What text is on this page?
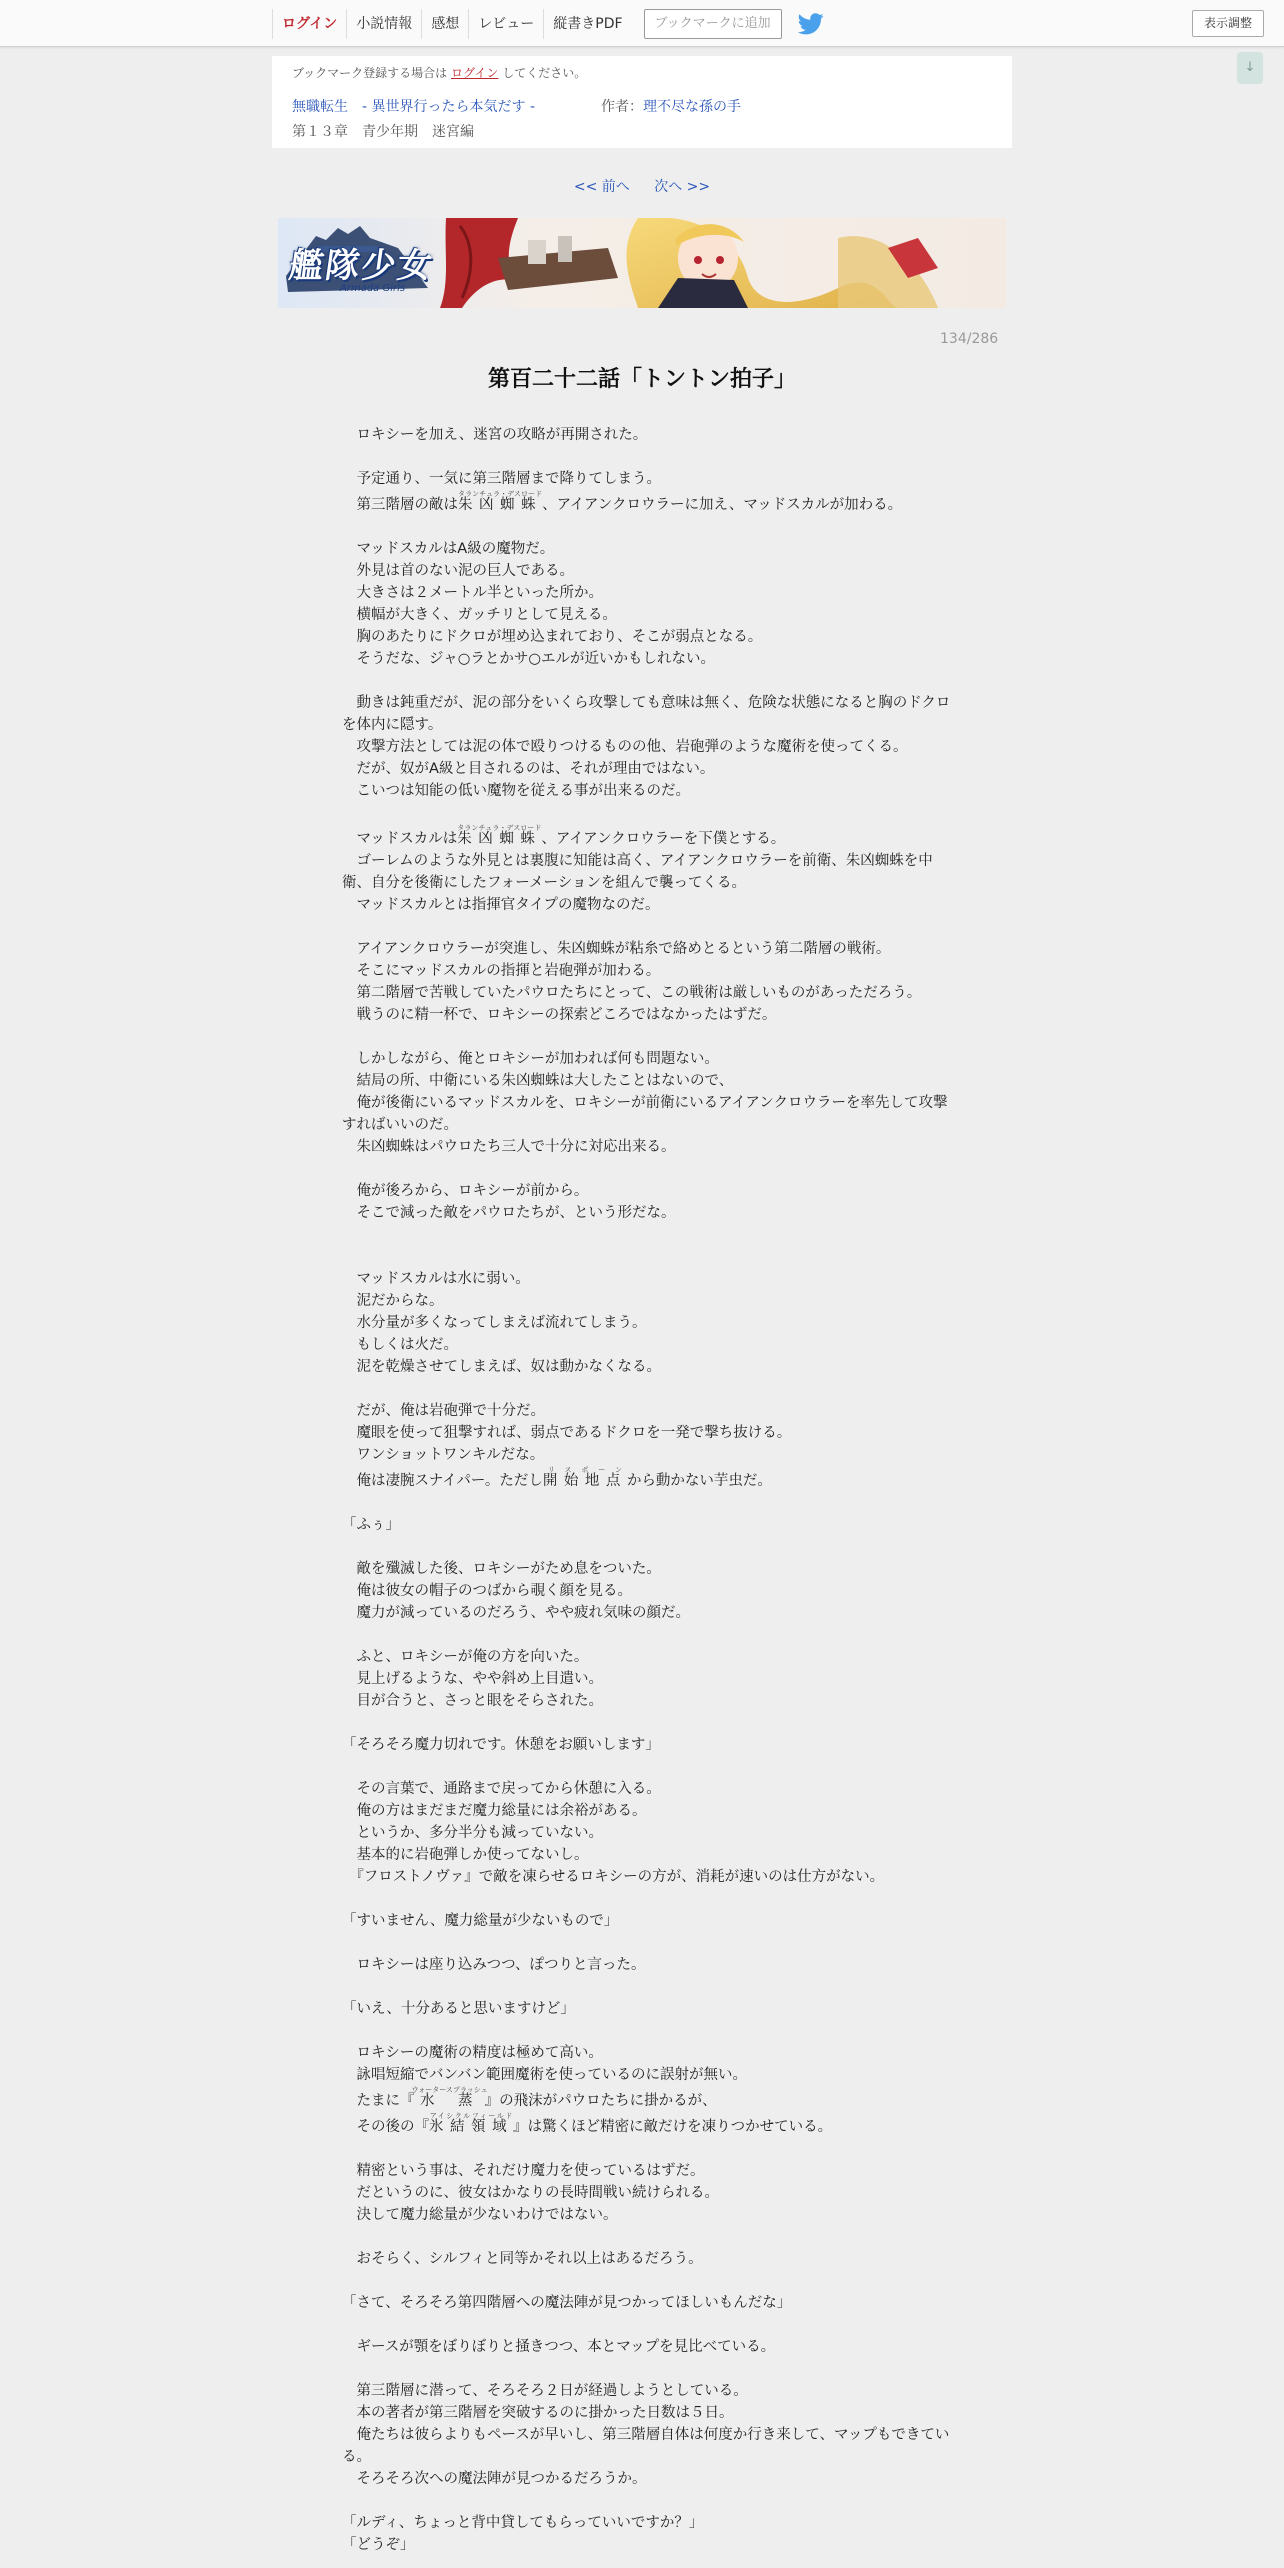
ログイン	小説情報	感想	レビュー	縦書きPDF	ブックマークに追加	表示調整
↓
ブックマーク登録する場合は ログイン してください。
無職転生　- 異世界行ったら本気だす -	作者：理不尽な孫の手
第１３章　青少年期　迷宮編
<< 前へ 次へ >>
艦隊少女
Armada Girls
134/286
第百二十二話「トントン拍子」
　ロキシーを加え、迷宮の攻略が再開された。
　予定通り、一気に第三階層まで降りてしまう。
　第三階層の敵は朱凶蜘蛛タランチュラ・デスロード、アイアンクロウラーに加え、マッドスカルが加わる。
　マッドスカルはA級の魔物だ。
　外見は首のない泥の巨人である。
　大きさは２メートル半といった所か。
　横幅が大きく、ガッチリとして見える。
　胸のあたりにドクロが埋め込まれており、そこが弱点となる。
　そうだな、ジャ○ラとかサ○エルが近いかもしれない。
　動きは鈍重だが、泥の部分をいくら攻撃しても意味は無く、危険な状態になると胸のドクロを体内に隠す。
　攻撃方法としては泥の体で殴りつけるものの他、岩砲弾のような魔術を使ってくる。
　だが、奴がA級と目されるのは、それが理由ではない。
　こいつは知能の低い魔物を従える事が出来るのだ。
　マッドスカルは朱凶蜘蛛タランチュラ・デスロード、アイアンクロウラーを下僕とする。
　ゴーレムのような外見とは裏腹に知能は高く、アイアンクロウラーを前衛、朱凶蜘蛛を中衛、自分を後衛にしたフォーメーションを組んで襲ってくる。
　マッドスカルとは指揮官タイプの魔物なのだ。
　アイアンクロウラーが突進し、朱凶蜘蛛が粘糸で絡めとるという第二階層の戦術。
　そこにマッドスカルの指揮と岩砲弾が加わる。
　第二階層で苦戦していたパウロたちにとって、この戦術は厳しいものがあっただろう。
　戦うのに精一杯で、ロキシーの探索どころではなかったはずだ。
　しかしながら、俺とロキシーが加われば何も問題ない。
　結局の所、中衛にいる朱凶蜘蛛は大したことはないので、
　俺が後衛にいるマッドスカルを、ロキシーが前衛にいるアイアンクロウラーを率先して攻撃すればいいのだ。
　朱凶蜘蛛はパウロたち三人で十分に対応出来る。
　俺が後ろから、ロキシーが前から。
　そこで減った敵をパウロたちが、という形だな。
　マッドスカルは水に弱い。
　泥だからな。
　水分量が多くなってしまえば流れてしまう。
　もしくは火だ。
　泥を乾燥させてしまえば、奴は動かなくなる。
　だが、俺は岩砲弾で十分だ。
　魔眼を使って狙撃すれば、弱点であるドクロを一発で撃ち抜ける。
　ワンショットワンキルだな。
　俺は凄腕スナイパー。ただし開始地点リスポーンから動かない芋虫だ。
「ふぅ」
　敵を殲滅した後、ロキシーがため息をついた。
　俺は彼女の帽子のつばから覗く顔を見る。
　魔力が減っているのだろう、やや疲れ気味の顔だ。
　ふと、ロキシーが俺の方を向いた。
　見上げるような、やや斜め上目遣い。
　目が合うと、さっと眼をそらされた。
「そろそろ魔力切れです。休憩をお願いします」
　その言葉で、通路まで戻ってから休憩に入る。
　俺の方はまだまだ魔力総量には余裕がある。
　というか、多分半分も減っていない。
　基本的に岩砲弾しか使ってないし。
　『フロストノヴァ』で敵を凍らせるロキシーの方が、消耗が速いのは仕方がない。
「すいません、魔力総量が少ないもので」
　ロキシーは座り込みつつ、ぽつりと言った。
「いえ、十分あると思いますけど」
　ロキシーの魔術の精度は極めて高い。
　詠唱短縮でバンバン範囲魔術を使っているのに誤射が無い。
　たまに『水蒸ウォータースプラッシュ』の飛沫がパウロたちに掛かるが、
　その後の『氷結領域アイシクルフィールド』は驚くほど精密に敵だけを凍りつかせている。
　精密という事は、それだけ魔力を使っているはずだ。
　だというのに、彼女はかなりの長時間戦い続けられる。
　決して魔力総量が少ないわけではない。
　おそらく、シルフィと同等かそれ以上はあるだろう。
「さて、そろそろ第四階層への魔法陣が見つかってほしいもんだな」
　ギースが顎をぼりぼりと掻きつつ、本とマップを見比べている。
　第三階層に潜って、そろそろ２日が経過しようとしている。
　本の著者が第三階層を突破するのに掛かった日数は５日。
　俺たちは彼らよりもペースが早いし、第三階層自体は何度か行き来して、マップもできている。
　そろそろ次への魔法陣が見つかるだろうか。
「ルディ、ちょっと背中貸してもらっていいですか？」
「どうぞ」
